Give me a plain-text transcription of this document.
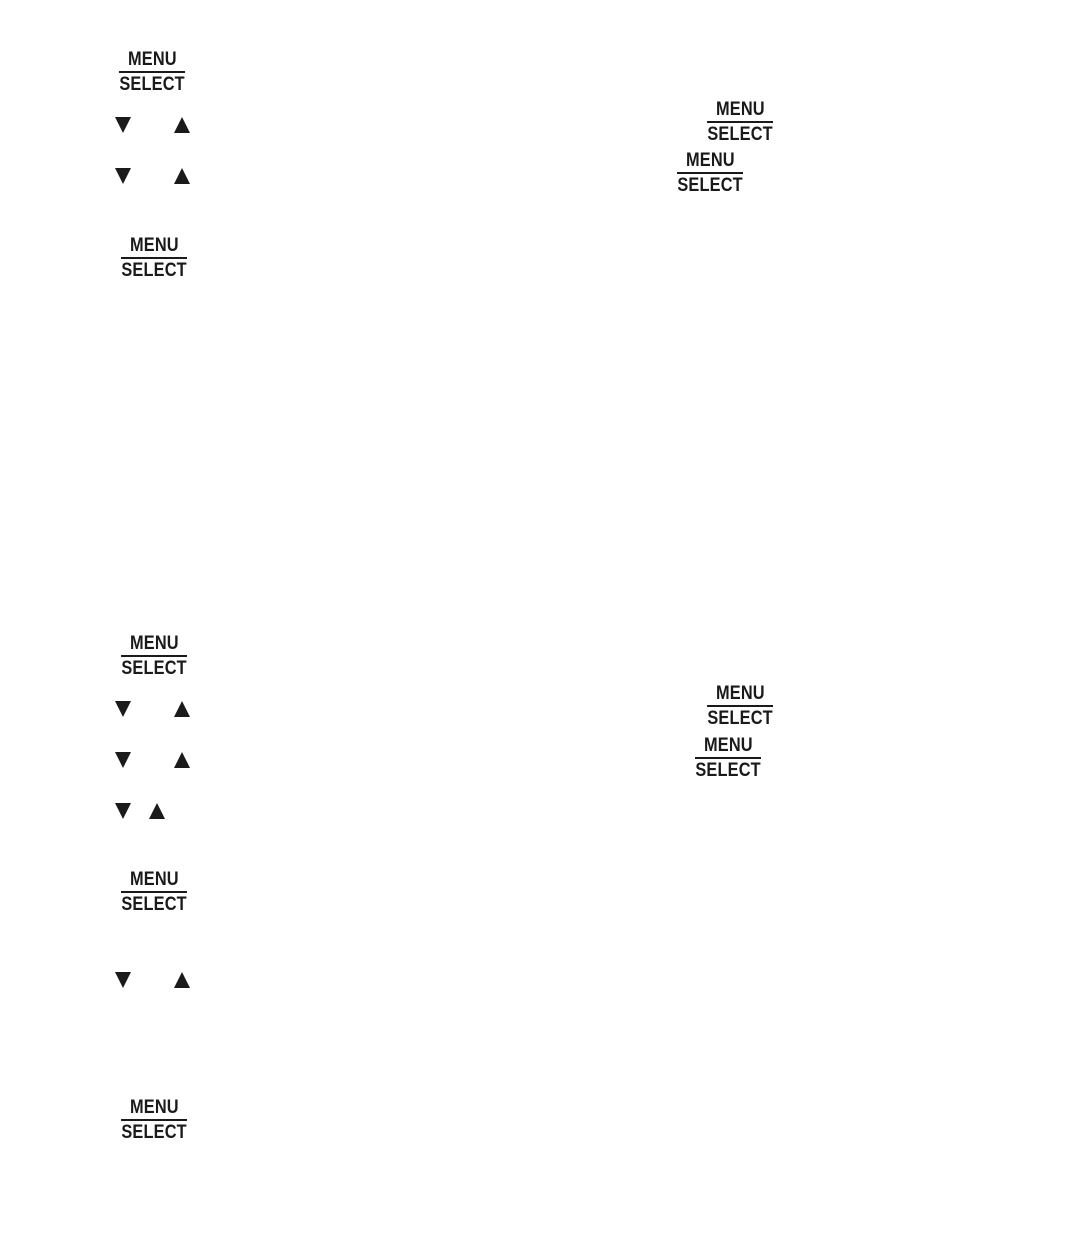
MENU
SELECT
MENU
SELECT
MENU
SELECT
MENU
SELECT
MENU
SELECT
MENU
SELECT
MENU
SELECT
MENU
SELECT
MENU
SELECT
